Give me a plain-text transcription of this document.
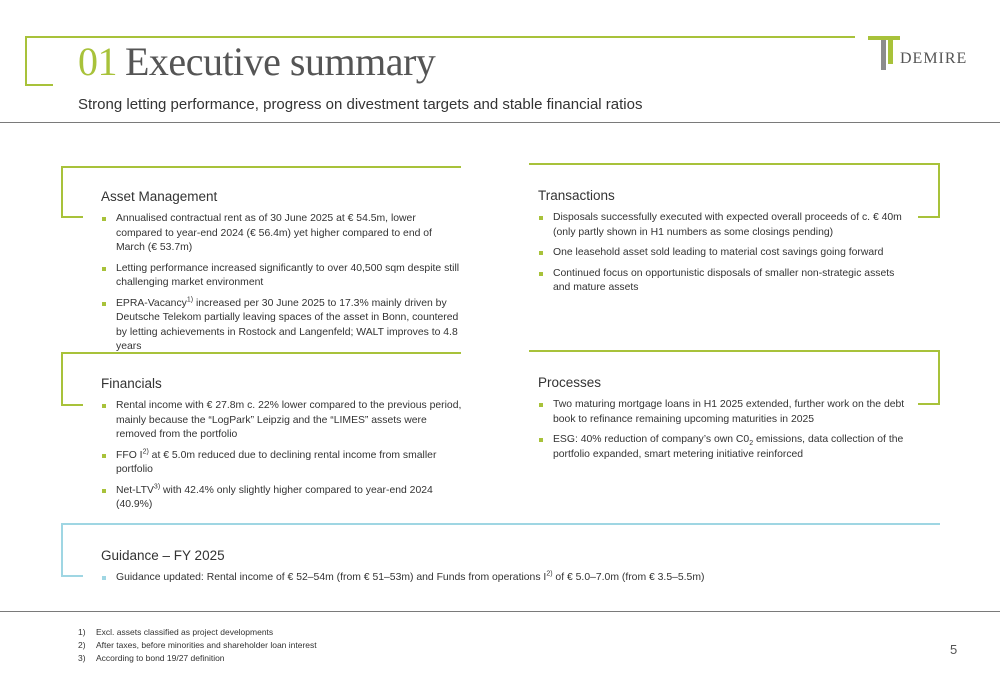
01 Executive summary
Strong letting performance, progress on divestment targets and stable financial ratios
DEMIRE
Asset Management
Annualised contractual rent as of 30 June 2025 at € 54.5m, lower compared to year-end 2024 (€ 56.4m) yet higher compared to end of March (€ 53.7m)
Letting performance increased significantly to over 40,500 sqm despite still challenging market environment
EPRA-Vacancy$^{1)}$ increased per 30 June 2025 to 17.3% mainly driven by Deutsche Telekom partially leaving spaces of the asset in Bonn, countered by letting achievements in Rostock and Langenfeld; WALT improves to 4.8 years
Transactions
Disposals successfully executed with expected overall proceeds of c. € 40m (only partly shown in H1 numbers as some closings pending)
One leasehold asset sold leading to material cost savings going forward
Continued focus on opportunistic disposals of smaller non-strategic assets and mature assets
Financials
Rental income with € 27.8m c. 22% lower compared to the previous period, mainly because the “LogPark” Leipzig and the “LIMES” assets were removed from the portfolio
FFO $I^{2)}$ at € 5.0m reduced due to declining rental income from smaller portfolio
Net-LTV$^{3)}$ with 42.4% only slightly higher compared to year-end 2024 (40.9%)
Processes
Two maturing mortgage loans in H1 2025 extended, further work on the debt book to refinance remaining upcoming maturities in 2025
ESG: 40% reduction of company’s own $C0_2$ emissions, data collection of the portfolio expanded, smart metering initiative reinforced
Guidance – FY 2025
Guidance updated: Rental income of € 52–54m (from € 51–53m) and Funds from operations $I^{2)}$ of € 5.0–7.0m (from € 3.5–5.5m)
1) Excl. assets classified as project developments
2) After taxes, before minorities and shareholder loan interest
3) According to bond 19/27 definition
5
